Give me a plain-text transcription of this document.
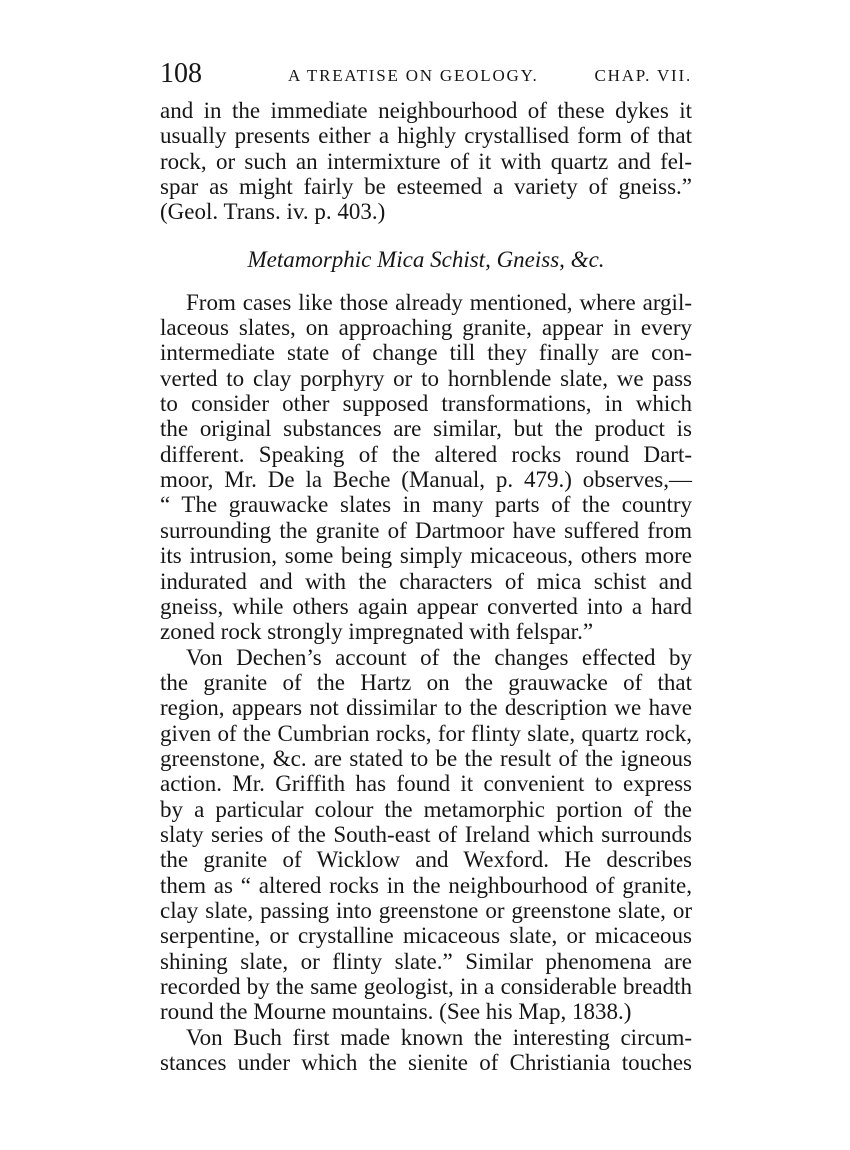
108	A TREATISE ON GEOLOGY.	CHAP. VII.
and in the immediate neighbourhood of these dykes it
usually presents either a highly crystallised form of that
rock, or such an intermixture of it with quartz and fel-
spar as might fairly be esteemed a variety of gneiss.”
(Geol. Trans. iv. p. 403.)
Metamorphic Mica Schist, Gneiss, &c.
From cases like those already mentioned, where argil-
laceous slates, on approaching granite, appear in every
intermediate state of change till they finally are con-
verted to clay porphyry or to hornblende slate, we pass
to consider other supposed transformations, in which
the original substances are similar, but the product is
different. Speaking of the altered rocks round Dart-
moor, Mr. De la Beche (Manual, p. 479.) observes,—
“ The grauwacke slates in many parts of the country
surrounding the granite of Dartmoor have suffered from
its intrusion, some being simply micaceous, others more
indurated and with the characters of mica schist and
gneiss, while others again appear converted into a hard
zoned rock strongly impregnated with felspar.”
Von Dechen’s account of the changes effected by
the granite of the Hartz on the grauwacke of that
region, appears not dissimilar to the description we have
given of the Cumbrian rocks, for flinty slate, quartz rock,
greenstone, &c. are stated to be the result of the igneous
action. Mr. Griffith has found it convenient to express
by a particular colour the metamorphic portion of the
slaty series of the South-east of Ireland which surrounds
the granite of Wicklow and Wexford. He describes
them as “ altered rocks in the neighbourhood of granite,
clay slate, passing into greenstone or greenstone slate, or
serpentine, or crystalline micaceous slate, or micaceous
shining slate, or flinty slate.” Similar phenomena are
recorded by the same geologist, in a considerable breadth
round the Mourne mountains. (See his Map, 1838.)
Von Buch first made known the interesting circum-
stances under which the sienite of Christiania touches
